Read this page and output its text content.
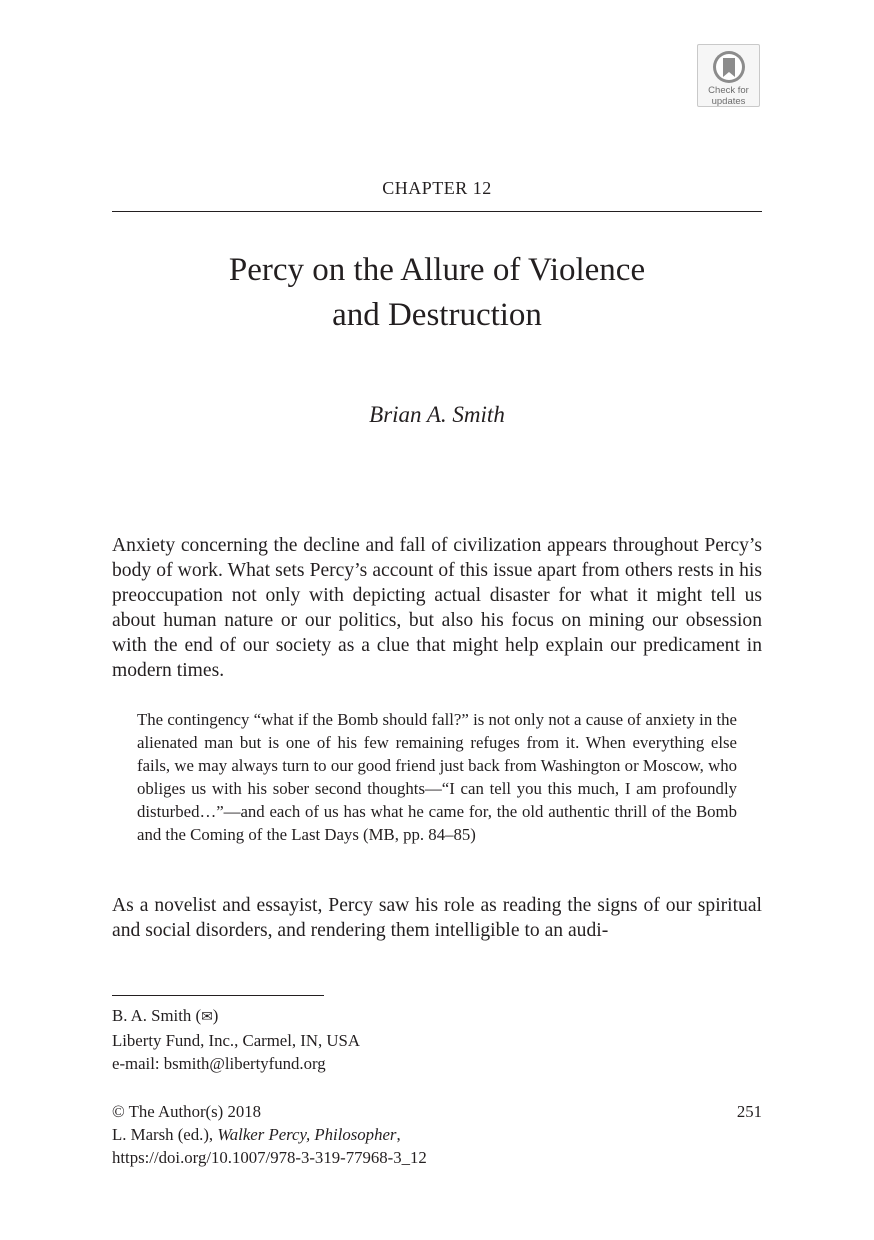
Check for
updates
CHAPTER 12
Percy on the Allure of Violence
and Destruction
Brian A. Smith

Anxiety concerning the decline and fall of civilization appears throughout Percy’s body of work. What sets Percy’s account of this issue apart from others rests in his preoccupation not only with depicting actual disaster for what it might tell us about human nature or our politics, but also his focus on mining our obsession with the end of our society as a clue that might help explain our predicament in modern times.

The contingency “what if the Bomb should fall?” is not only not a cause of anxiety in the alienated man but is one of his few remaining refuges from it. When everything else fails, we may always turn to our good friend just back from Washington or Moscow, who obliges us with his sober second thoughts—“I can tell you this much, I am profoundly disturbed…”—and each of us has what he came for, the old authentic thrill of the Bomb and the Coming of the Last Days (MB, pp. 84–85)

As a novelist and essayist, Percy saw his role as reading the signs of our spiritual and social disorders, and rendering them intelligible to an audi-

B. A. Smith (✉)
Liberty Fund, Inc., Carmel, IN, USA
e-mail: bsmith@libertyfund.org
© The Author(s) 2018
L. Marsh (ed.), Walker Percy, Philosopher,
https://doi.org/10.1007/978-3-319-77968-3_12
251
